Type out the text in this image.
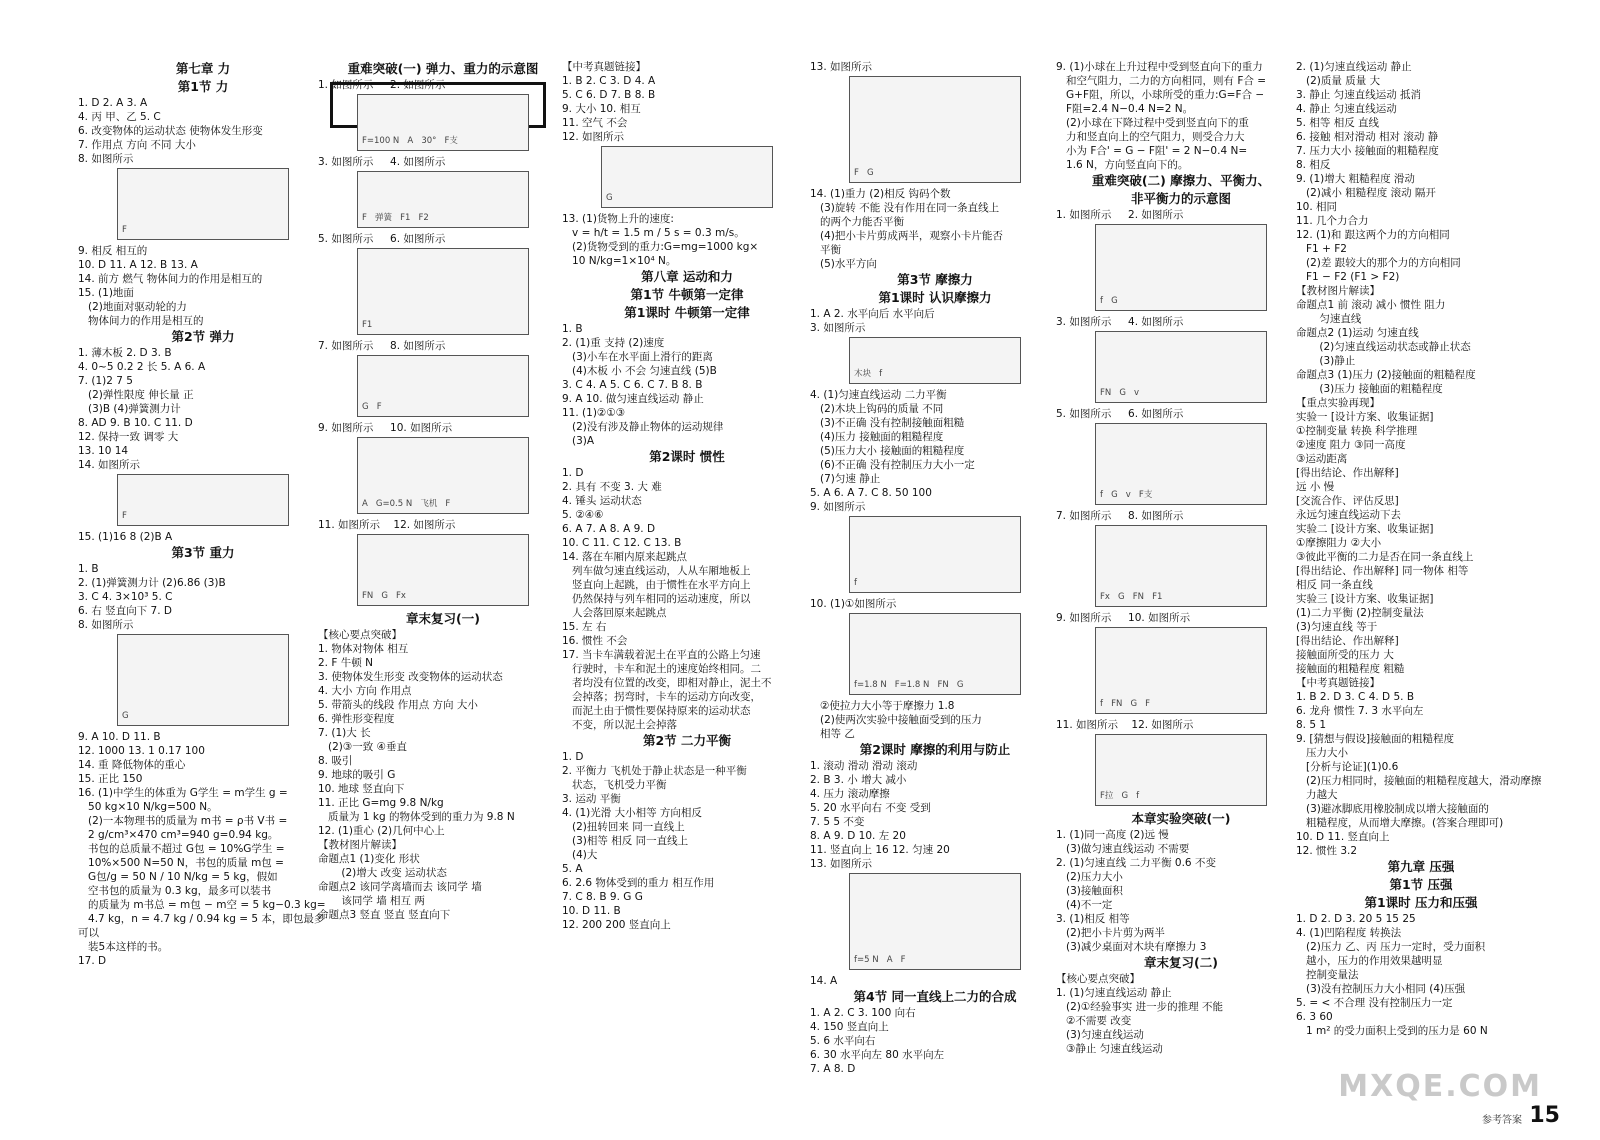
第七章 力
第1节 力
1. D 2. A 3. A
4. 丙 甲、乙 5. C
6. 改变物体的运动状态 使物体发生形变
7. 作用点 方向 不同 大小
8. 如图所示
F
9. 相反 相互的
10. D 11. A 12. B 13. A
14. 前方 燃气 物体间力的作用是相互的
15. (1)地面
(2)地面对驱动轮的力
物体间力的作用是相互的
第2节 弹力
1. 薄木板 2. D 3. B
4. 0~5 0.2 2 长 5. A 6. A
7. (1)2 7 5
(2)弹性限度 伸长量 正
(3)B (4)弹簧测力计
8. AD 9. B 10. C 11. D
12. 保持一致 调零 大
13. 10 14
14. 如图所示
F
15. (1)16 8 (2)B A
第3节 重力
1. B
2. (1)弹簧测力计 (2)6.86 (3)B
3. C 4. 3×10³ 5. C
6. 右 竖直向下 7. D
8. 如图所示
G
9. A 10. D 11. B
12. 1000 13. 1 0.17 100
14. 重 降低物体的重心
15. 正比 150
16. (1)中学生的体重为 G学生 = m学生 g =
50 kg×10 N/kg=500 N。
(2)一本物理书的质量为 m书 = ρ书 V书 =
2 g/cm³×470 cm³=940 g=0.94 kg。
书包的总质量不超过 G包 = 10%G学生 =
10%×500 N=50 N，书包的质量 m包 =
G包/g = 50 N / 10 N/kg = 5 kg，假如
空书包的质量为 0.3 kg，最多可以装书
的质量为 m书总 = m包 − m空 = 5 kg−0.3 kg=
4.7 kg，n = 4.7 kg / 0.94 kg = 5 本，即包最多可以
装5本这样的书。
17. D
重难突破(一) 弹力、重力的示意图
1. 如图所示     2. 如图所示
F=100 N   A   30°   F支
3. 如图所示     4. 如图所示
F   弹簧   F1   F2
5. 如图所示     6. 如图所示
F1
7. 如图所示     8. 如图所示
G   F
9. 如图所示     10. 如图所示
A   G=0.5 N   飞机   F
11. 如图所示    12. 如图所示
FN   G   Fx
章末复习(一)
【核心要点突破】
1. 物体对物体 相互
2. F 牛顿 N
3. 使物体发生形变 改变物体的运动状态
4. 大小 方向 作用点
5. 带箭头的线段 作用点 方向 大小
6. 弹性形变程度
7. (1)大 长
(2)③一致 ④垂直
8. 吸引
9. 地球的吸引 G
10. 地球 竖直向下
11. 正比 G=mg 9.8 N/kg
质量为 1 kg 的物体受到的重力为 9.8 N
12. (1)重心 (2)几何中心上
【教材图片解读】
命题点1 (1)变化 形状
(2)增大 改变 运动状态
命题点2 该同学离墙而去 该同学 墙
该同学 墙 相互 两
命题点3 竖直 竖直 竖直向下
【中考真题链接】
1. B 2. C 3. D 4. A
5. C 6. D 7. B 8. B
9. 大小 10. 相互
11. 空气 不会
12. 如图所示
G
13. (1)货物上升的速度:
v = h/t = 1.5 m / 5 s = 0.3 m/s。
(2)货物受到的重力:G=mg=1000 kg×
10 N/kg=1×10⁴ N。
第八章 运动和力
第1节 牛顿第一定律
第1课时 牛顿第一定律
1. B
2. (1)重 支持 (2)速度
(3)小车在水平面上滑行的距离
(4)木板 小 不会 匀速直线 (5)B
3. C 4. A 5. C 6. C 7. B 8. B
9. A 10. 做匀速直线运动 静止
11. (1)②①③
(2)没有涉及静止物体的运动规律
(3)A
第2课时 惯性
1. D
2. 具有 不变 3. 大 难
4. 锤头 运动状态
5. ②④⑥
6. A 7. A 8. A 9. D
10. C 11. C 12. C 13. B
14. 落在车厢内原来起跳点
列车做匀速直线运动，人从车厢地板上
竖直向上起跳，由于惯性在水平方向上
仍然保持与列车相同的运动速度，所以
人会落回原来起跳点
15. 左 右
16. 惯性 不会
17. 当卡车满载着泥土在平直的公路上匀速
行驶时，卡车和泥土的速度始终相同。二
者均没有位置的改变，即相对静止，泥土不
会掉落；拐弯时，卡车的运动方向改变，
而泥土由于惯性要保持原来的运动状态
不变，所以泥土会掉落
第2节 二力平衡
1. D
2. 平衡力 飞机处于静止状态是一种平衡
状态，飞机受力平衡
3. 运动 平衡
4. (1)光滑 大小相等 方向相反
(2)扭转回来 同一直线上
(3)相等 相反 同一直线上
(4)大
5. A
6. 2.6 物体受到的重力 相互作用
7. C 8. B 9. G G
10. D 11. B
12. 200 200 竖直向上
13. 如图所示
F   G
14. (1)重力 (2)相反 钩码个数
(3)旋转 不能 没有作用在同一条直线上
的两个力能否平衡
(4)把小卡片剪成两半，观察小卡片能否
平衡
(5)水平方向
第3节 摩擦力
第1课时 认识摩擦力
1. A 2. 水平向后 水平向后
3. 如图所示
木块   f
4. (1)匀速直线运动 二力平衡
(2)木块上钩码的质量 不同
(3)不正确 没有控制接触面粗糙
(4)压力 接触面的粗糙程度
(5)压力大小 接触面的粗糙程度
(6)不正确 没有控制压力大小一定
(7)匀速 静止
5. A 6. A 7. C 8. 50 100
9. 如图所示
f
10. (1)①如图所示
f=1.8 N   F=1.8 N   FN   G
②使拉力大小等于摩擦力 1.8
(2)使两次实验中接触面受到的压力
相等 乙
第2课时 摩擦的利用与防止
1. 滚动 滑动 滑动 滚动
2. B 3. 小 增大 减小
4. 压力 滚动摩擦
5. 20 水平向右 不变 受到
7. 5 5 不变
8. A 9. D 10. 左 20
11. 竖直向上 16 12. 匀速 20
13. 如图所示
f=5 N   A   F
14. A
第4节 同一直线上二力的合成
1. A 2. C 3. 100 向右
4. 150 竖直向上
5. 6 水平向右
6. 30 水平向左 80 水平向左
7. A 8. D
9. (1)小球在上升过程中受到竖直向下的重力
和空气阻力，二力的方向相同，则有 F合 =
G+F阻，所以，小球所受的重力:G=F合 −
F阻=2.4 N−0.4 N=2 N。
(2)小球在下降过程中受到竖直向下的重
力和竖直向上的空气阻力，则受合力大
小为 F合' = G − F阻' = 2 N−0.4 N=
1.6 N，方向竖直向下的。
重难突破(二) 摩擦力、平衡力、
非平衡力的示意图
1. 如图所示     2. 如图所示
f   G
3. 如图所示     4. 如图所示
FN   G   v
5. 如图所示     6. 如图所示
f   G   v   F支
7. 如图所示     8. 如图所示
Fx   G   FN   F1
9. 如图所示     10. 如图所示
f   FN   G   F
11. 如图所示    12. 如图所示
F拉   G   f
本章实验突破(一)
1. (1)同一高度 (2)远 慢
(3)做匀速直线运动 不需要
2. (1)匀速直线 二力平衡 0.6 不变
(2)压力大小
(3)接触面积
(4)不一定
3. (1)相反 相等
(2)把小卡片剪为两半
(3)减少桌面对木块有摩擦力 3
章末复习(二)
【核心要点突破】
1. (1)匀速直线运动 静止
(2)①经验事实 进一步的推理 不能
②不需要 改变
(3)匀速直线运动
③静止 匀速直线运动
2. (1)匀速直线运动 静止
(2)质量 质量 大
3. 静止 匀速直线运动 抵消
4. 静止 匀速直线运动
5. 相等 相反 直线
6. 接触 相对滑动 相对 滚动 静
7. 压力大小 接触面的粗糙程度
8. 相反
9. (1)增大 粗糙程度 滑动
(2)减小 粗糙程度 滚动 隔开
10. 相同
11. 几个力合力
12. (1)和 跟这两个力的方向相同
F1 + F2
(2)差 跟较大的那个力的方向相同
F1 − F2 (F1 > F2)
【教材图片解读】
命题点1 前 滚动 减小 惯性 阻力
匀速直线
命题点2 (1)运动 匀速直线
(2)匀速直线运动状态或静止状态
(3)静止
命题点3 (1)压力 (2)接触面的粗糙程度
(3)压力 接触面的粗糙程度
【重点实验再现】
实验一 [设计方案、收集证据]
①控制变量 转换 科学推理
②速度 阻力 ③同一高度
③运动距离
[得出结论、作出解释]
远 小 慢
[交流合作、评估反思]
永远匀速直线运动下去
实验二 [设计方案、收集证据]
①摩擦阻力 ②大小
③彼此平衡的二力是否在同一条直线上
[得出结论、作出解释] 同一物体 相等
相反 同一条直线
实验三 [设计方案、收集证据]
(1)二力平衡 (2)控制变量法
(3)匀速直线 等于
[得出结论、作出解释]
接触面所受的压力 大
接触面的粗糙程度 粗糙
【中考真题链接】
1. B 2. D 3. C 4. D 5. B
6. 龙舟 惯性 7. 3 水平向左
8. 5 1
9. [猜想与假设]接触面的粗糙程度
压力大小
[分析与论证](1)0.6
(2)压力相同时，接触面的粗糙程度越大，滑动摩擦
力越大
(3)避冰脚底用橡胶制成以增大接触面的
粗糙程度，从而增大摩擦。(答案合理即可)
10. D 11. 竖直向上
12. 惯性 3.2
第九章 压强
第1节 压强
第1课时 压力和压强
1. D 2. D 3. 20 5 15 25
4. (1)凹陷程度 转换法
(2)压力 乙、丙 压力一定时，受力面积
越小，压力的作用效果越明显
控制变量法
(3)没有控制压力大小相同 (4)压强
5. = < 不合理 没有控制压力一定
6. 3 60
1 m² 的受力面积上受到的压力是 60 N
MXQE.COM
参考答案 15
